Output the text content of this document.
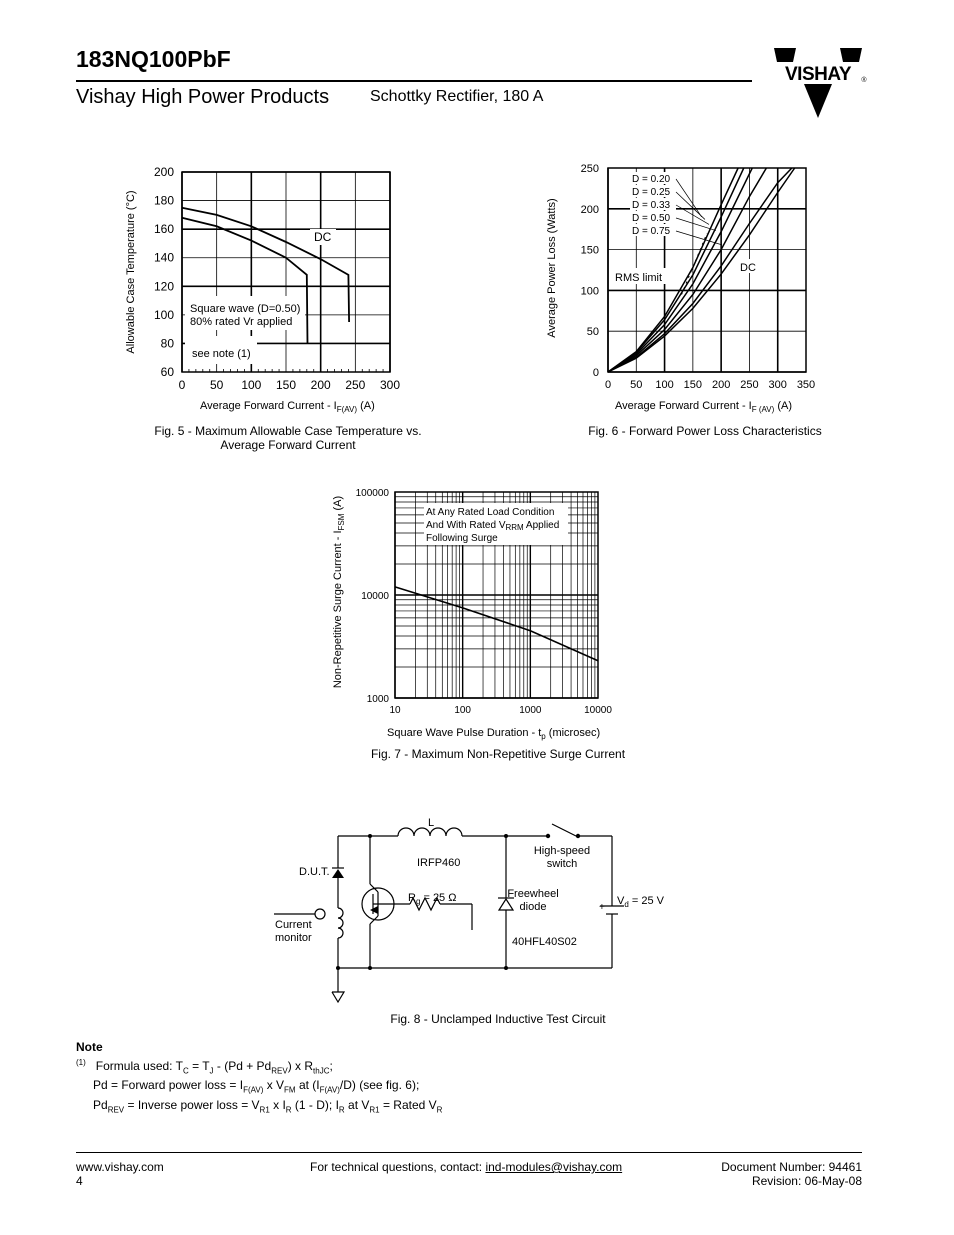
183NQ100PbF
Vishay High Power Products	Schottky Rectifier, 180 A
VISHAY ®
0 50 100 150 200 250 300
60
80
100
120
140
160
180
200
Square wave (D=0.50)
80% rated Vr applied
see note (1)
DC
Allowable Case Temperature (°C)
Average Forward Current - $I_{F(AV)}$ (A)
Fig. 5 - Maximum Allowable Case Temperature vs.
Average Forward Current
0 50 100 150 200 250 300 350
0
50
100
150
200
250
D = 0.20
D = 0.25
D = 0.33
D = 0.50
D = 0.75
RMS limit
DC
Average Power Loss (Watts)
Average Forward Current - $I_{F (AV)}$ (A)
Fig. 6 - Forward Power Loss Characteristics
10	100	1000	10000
1000
10000
100000
At Any Rated Load Condition
And With Rated $V_{RRM}$ Applied
Following Surge
Non-Repetitive Surge Current - $I_{FSM}$ (A)
Square Wave Pulse Duration - $t_p$ (microsec)
Fig. 7 - Maximum Non-Repetitive Surge Current
L
D.U.T.
IRFP460
$R_g = 25$ Ω
Current
monitor
High-speed
switch
Freewheel
diode
40HFL40S02
+
$V_d = 25$ V
Fig. 8 - Unclamped Inductive Test Circuit
Note
$^{(1)}$ Formula used: $T_C = T_J - (Pd + Pd_{REV})$ x $R_{thJC}$;
Pd = Forward power loss = $I_{F(AV)}$ x $V_{FM}$ at $(I_{F(AV)}/D)$ (see fig. 6);
$Pd_{REV}$ = Inverse power loss = $V_{R1}$ x $I_R$ (1 - D); $I_R$ at $V_{R1}$ = Rated $V_R$
www.vishay.com
4
For technical questions, contact: ind-modules@vishay.com	Document Number: 94461
Revision: 06-May-08
